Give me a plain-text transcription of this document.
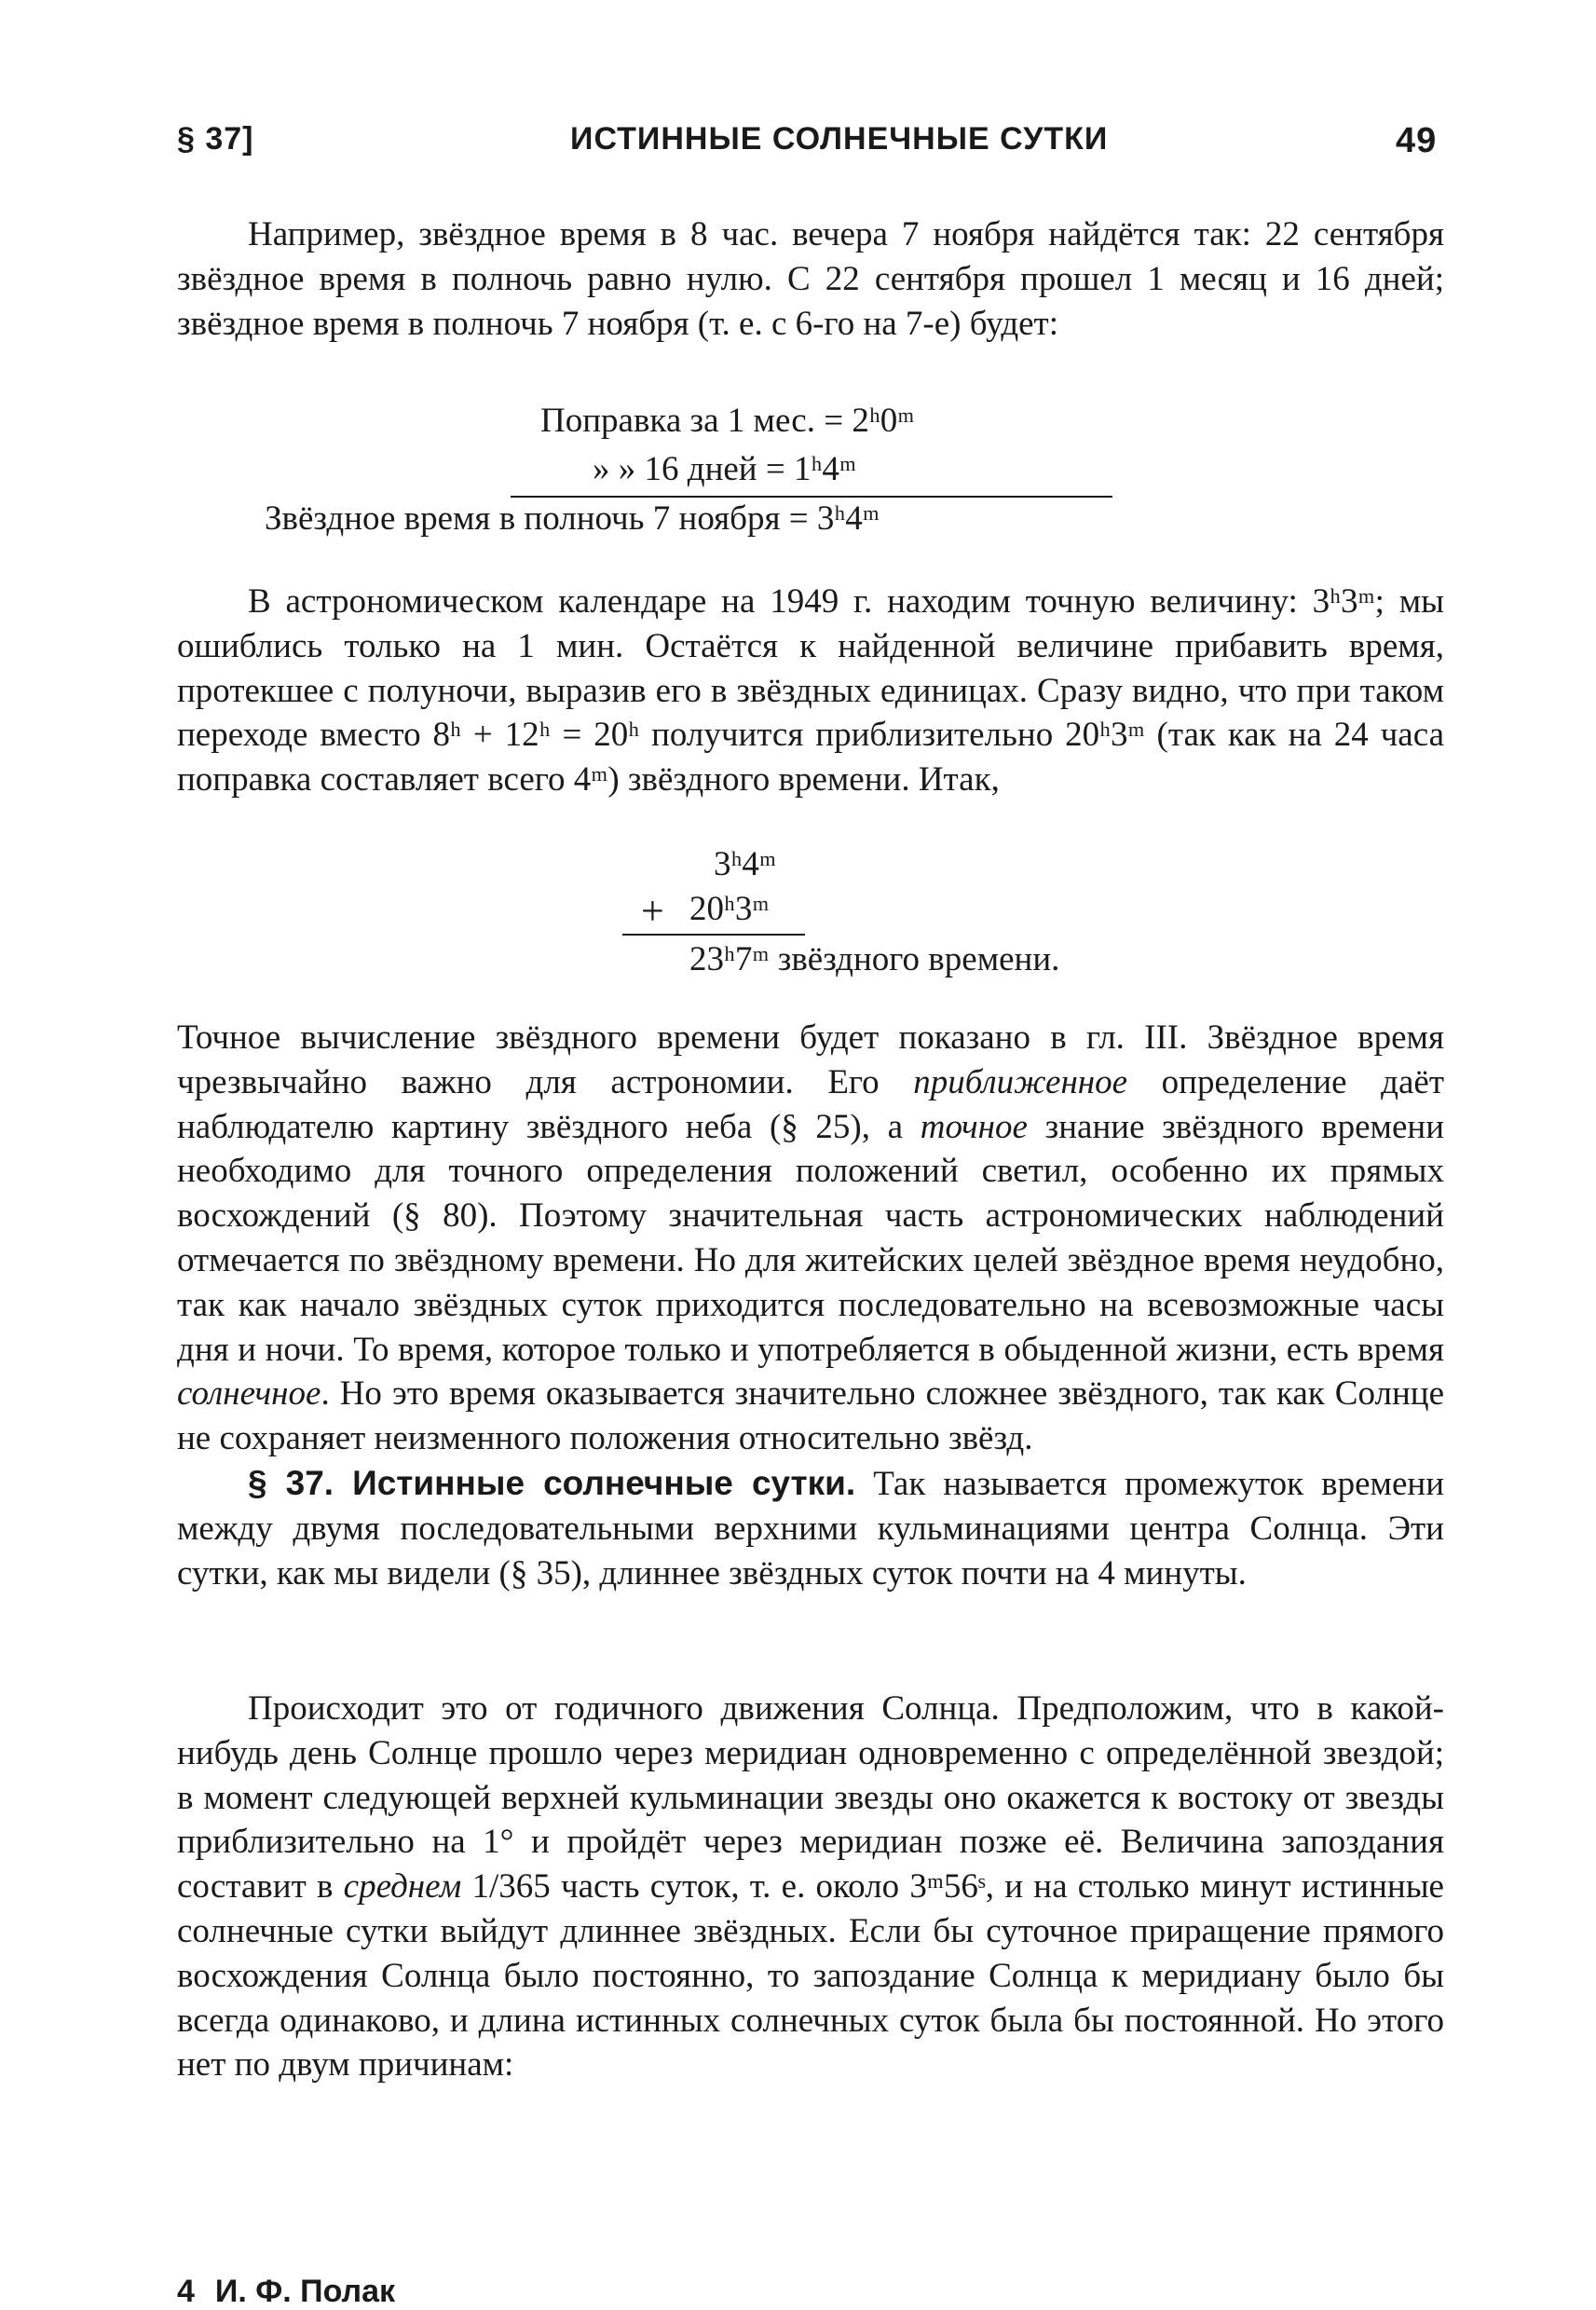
§ 37]	ИСТИННЫЕ СОЛНЕЧНЫЕ СУТКИ	49

Например, звёздное время в 8 час. вечера 7 ноября найдётся так: 22 сентября звёздное время в полночь равно нулю. С 22 сентября прошел 1 месяц и 16 дней; звёздное время в полночь 7 ноября (т. е. с 6-го на 7-е) будет:

Поправка за 1 мес. = 2ʰ0ᵐ
» » 16 дней = 1ʰ4ᵐ
Звёздное время в полночь 7 ноября = 3ʰ4ᵐ

В астрономическом календаре на 1949 г. находим точную величину: 3ʰ3ᵐ; мы ошиблись только на 1 мин. Остаётся к найденной величине прибавить время, протекшее с полуночи, выразив его в звёздных единицах. Сразу видно, что при таком переходе вместо 8ʰ + 12ʰ = 20ʰ получится приблизительно 20ʰ3ᵐ (так как на 24 часа поправка составляет всего 4ᵐ) звёздного времени. Итак,

+
3ʰ4ᵐ
20ʰ3ᵐ
23ʰ7ᵐ звёздного времени.

Точное вычисление звёздного времени будет показано в гл. III. Звёздное время чрезвычайно важно для астрономии. Его приближенное определение даёт наблюдателю картину звёздного неба (§ 25), а точное знание звёздного времени необходимо для точного определения положений светил, особенно их прямых восхождений (§ 80). Поэтому значительная часть астрономических наблюдений отмечается по звёздному времени. Но для житейских целей звёздное время неудобно, так как начало звёздных суток приходится последовательно на всевозможные часы дня и ночи. То время, которое только и употребляется в обыденной жизни, есть время солнечное. Но это время оказывается значительно сложнее звёздного, так как Солнце не сохраняет неизменного положения относительно звёзд.

§ 37. Истинные солнечные сутки. Так называется промежуток времени между двумя последовательными верхними кульминациями центра Солнца. Эти сутки, как мы видели (§ 35), длиннее звёздных суток почти на 4 минуты.

Происходит это от годичного движения Солнца. Предположим, что в какой-нибудь день Солнце прошло через меридиан одновременно с определённой звездой; в момент следующей верхней кульминации звезды оно окажется к востоку от звезды приблизительно на 1° и пройдёт через меридиан позже её. Величина запоздания составит в среднем 1/365 часть суток, т. е. около 3ᵐ56ˢ, и на столько минут истинные солнечные сутки выйдут длиннее звёздных. Если бы суточное приращение прямого восхождения Солнца было постоянно, то запоздание Солнца к меридиану было бы всегда одинаково, и длина истинных солнечных суток была бы постоянной. Но этого нет по двум причинам:

4 И. Ф. Полак
